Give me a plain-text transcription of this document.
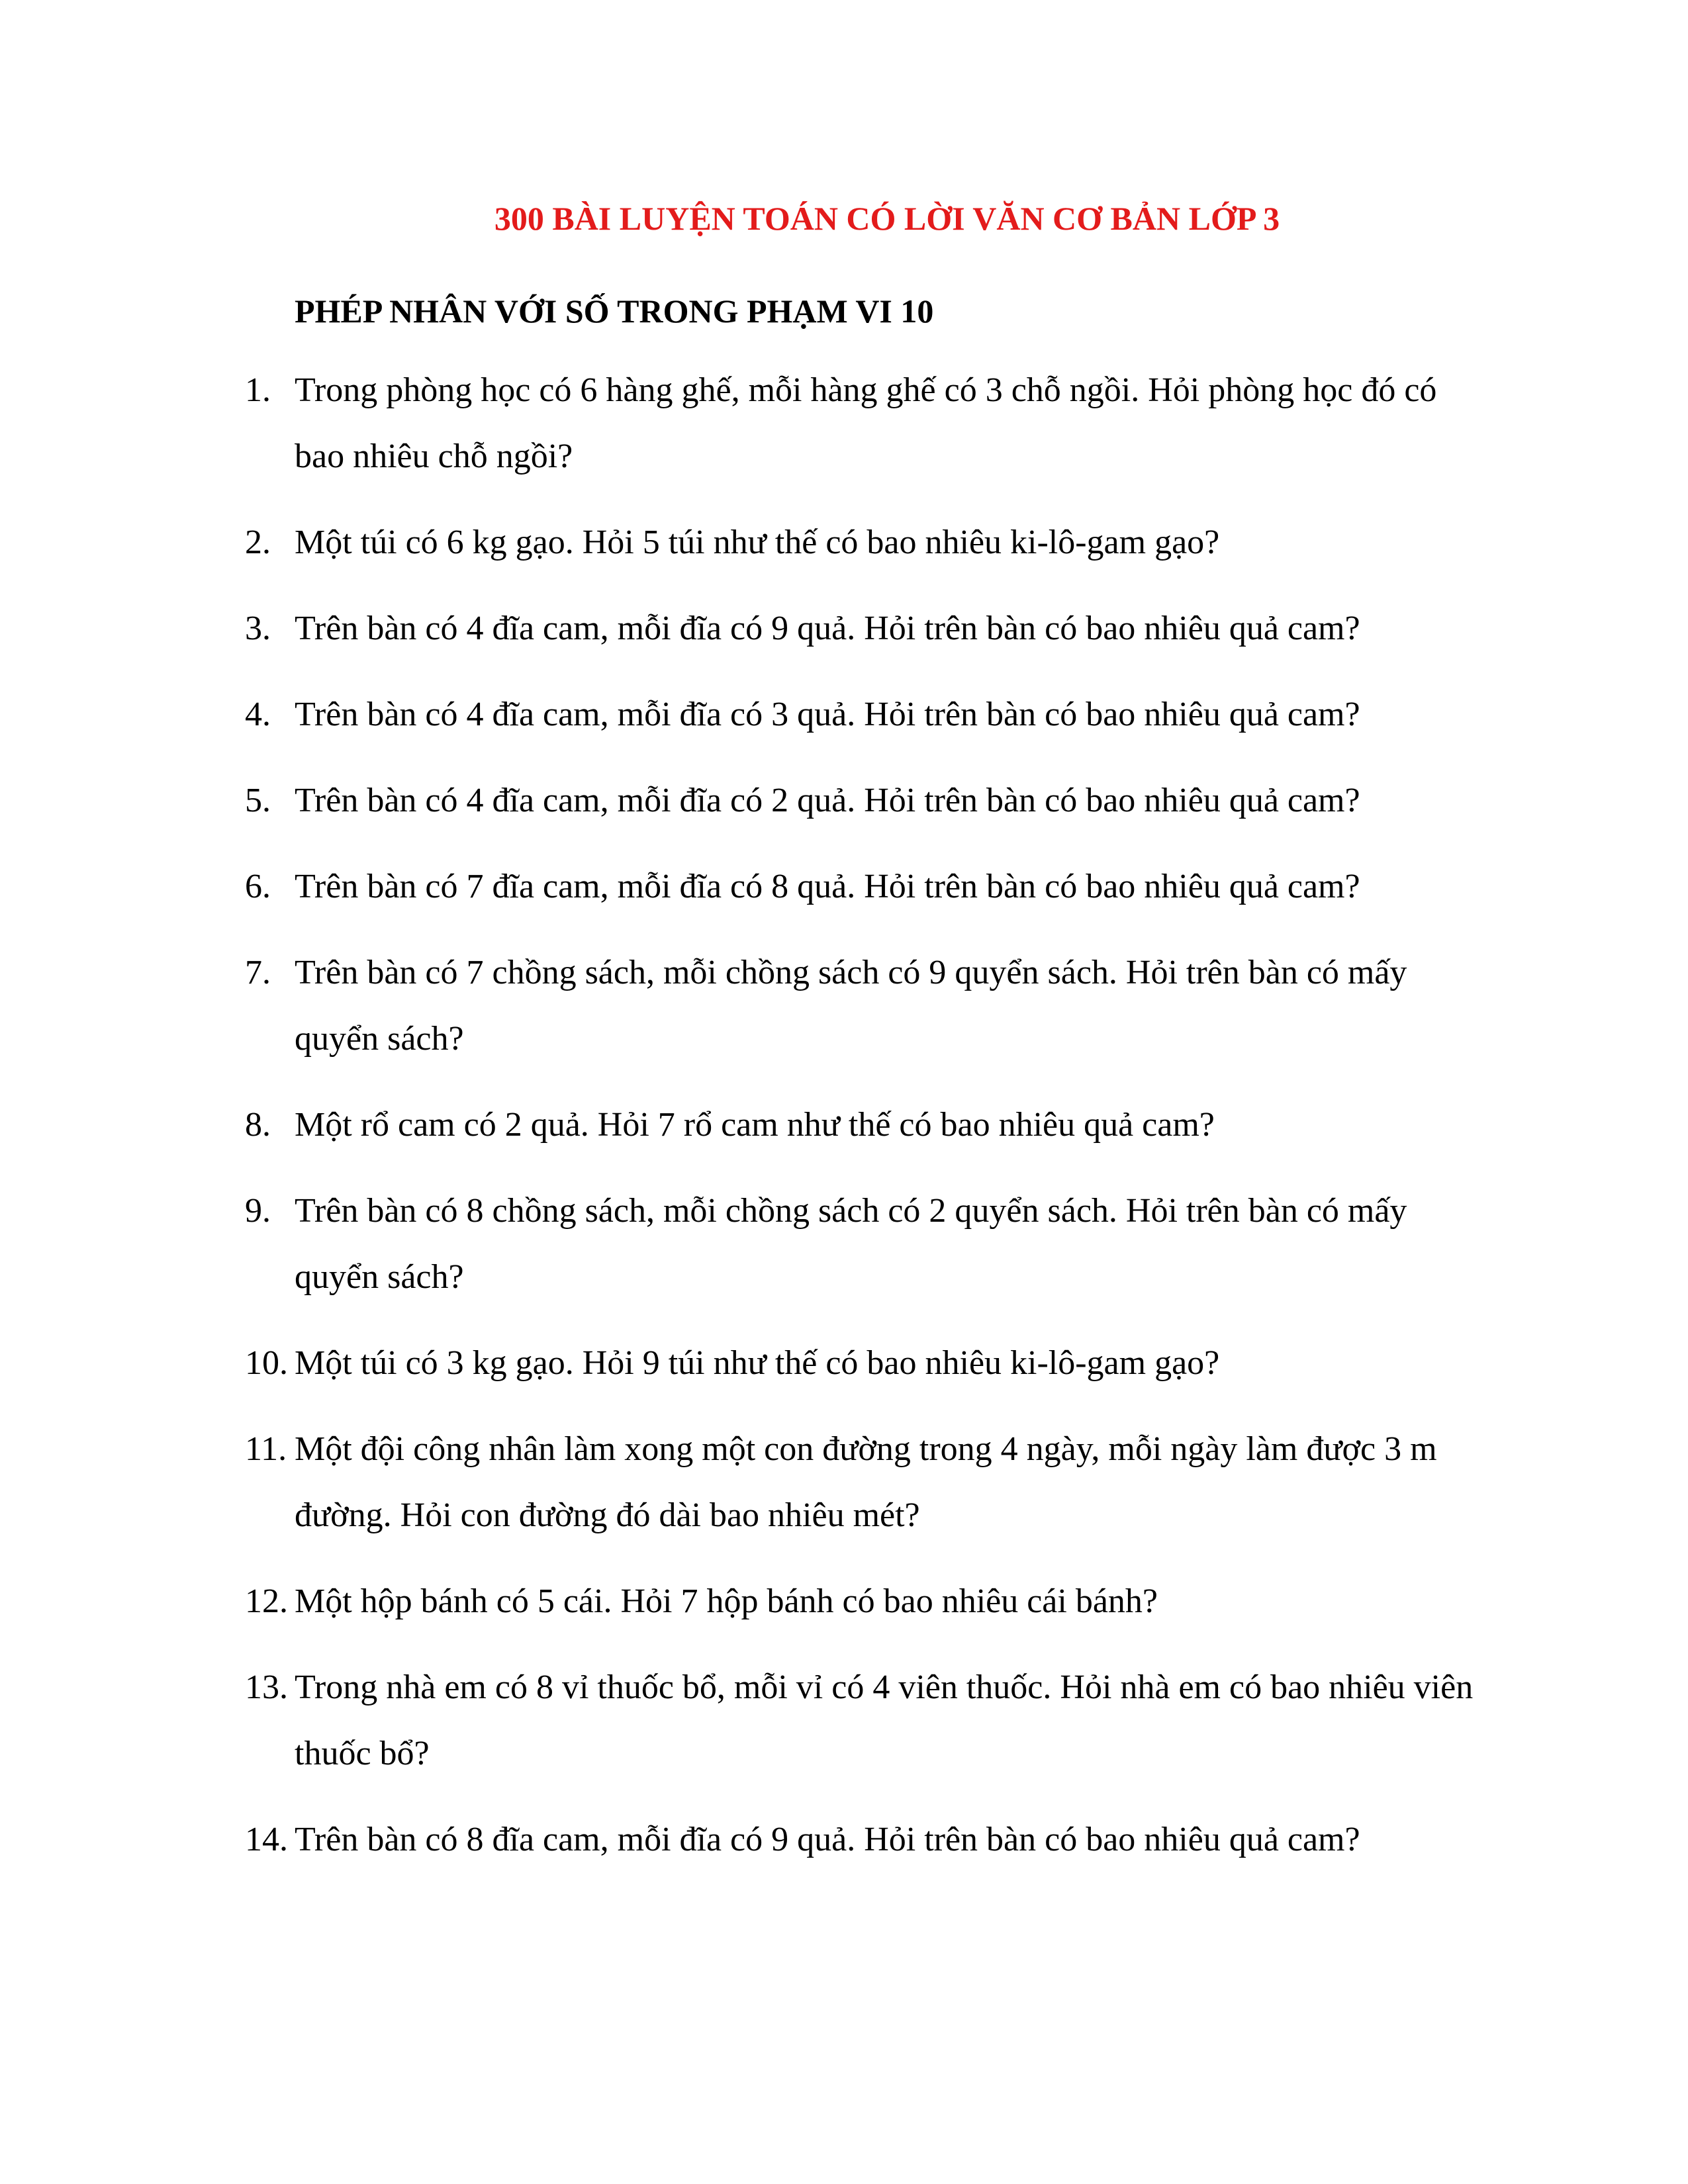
300 BÀI LUYỆN TOÁN CÓ LỜI VĂN CƠ BẢN LỚP 3
PHÉP NHÂN VỚI SỐ TRONG PHẠM VI 10
1. Trong phòng học có 6 hàng ghế, mỗi hàng ghế có 3 chỗ ngồi. Hỏi phòng học đó có bao nhiêu chỗ ngồi?
2. Một túi có 6 kg gạo. Hỏi 5 túi như thế có bao nhiêu ki-lô-gam gạo?
3. Trên bàn có 4 đĩa cam, mỗi đĩa có 9 quả. Hỏi trên bàn có bao nhiêu quả cam?
4. Trên bàn có 4 đĩa cam, mỗi đĩa có 3 quả. Hỏi trên bàn có bao nhiêu quả cam?
5. Trên bàn có 4 đĩa cam, mỗi đĩa có 2 quả. Hỏi trên bàn có bao nhiêu quả cam?
6. Trên bàn có 7 đĩa cam, mỗi đĩa có 8 quả. Hỏi trên bàn có bao nhiêu quả cam?
7. Trên bàn có 7 chồng sách, mỗi chồng sách có 9 quyển sách. Hỏi trên bàn có mấy quyển sách?
8. Một rổ cam có 2 quả. Hỏi 7 rổ cam như thế có bao nhiêu quả cam?
9. Trên bàn có 8 chồng sách, mỗi chồng sách có 2 quyển sách. Hỏi trên bàn có mấy quyển sách?
10. Một túi có 3 kg gạo. Hỏi 9 túi như thế có bao nhiêu ki-lô-gam gạo?
11. Một đội công nhân làm xong một con đường trong 4 ngày, mỗi ngày làm được 3 m đường. Hỏi con đường đó dài bao nhiêu mét?
12. Một hộp bánh có 5 cái. Hỏi 7 hộp bánh có bao nhiêu cái bánh?
13. Trong nhà em có 8 vỉ thuốc bổ, mỗi vỉ có 4 viên thuốc. Hỏi nhà em có bao nhiêu viên thuốc bổ?
14. Trên bàn có 8 đĩa cam, mỗi đĩa có 9 quả. Hỏi trên bàn có bao nhiêu quả cam?
